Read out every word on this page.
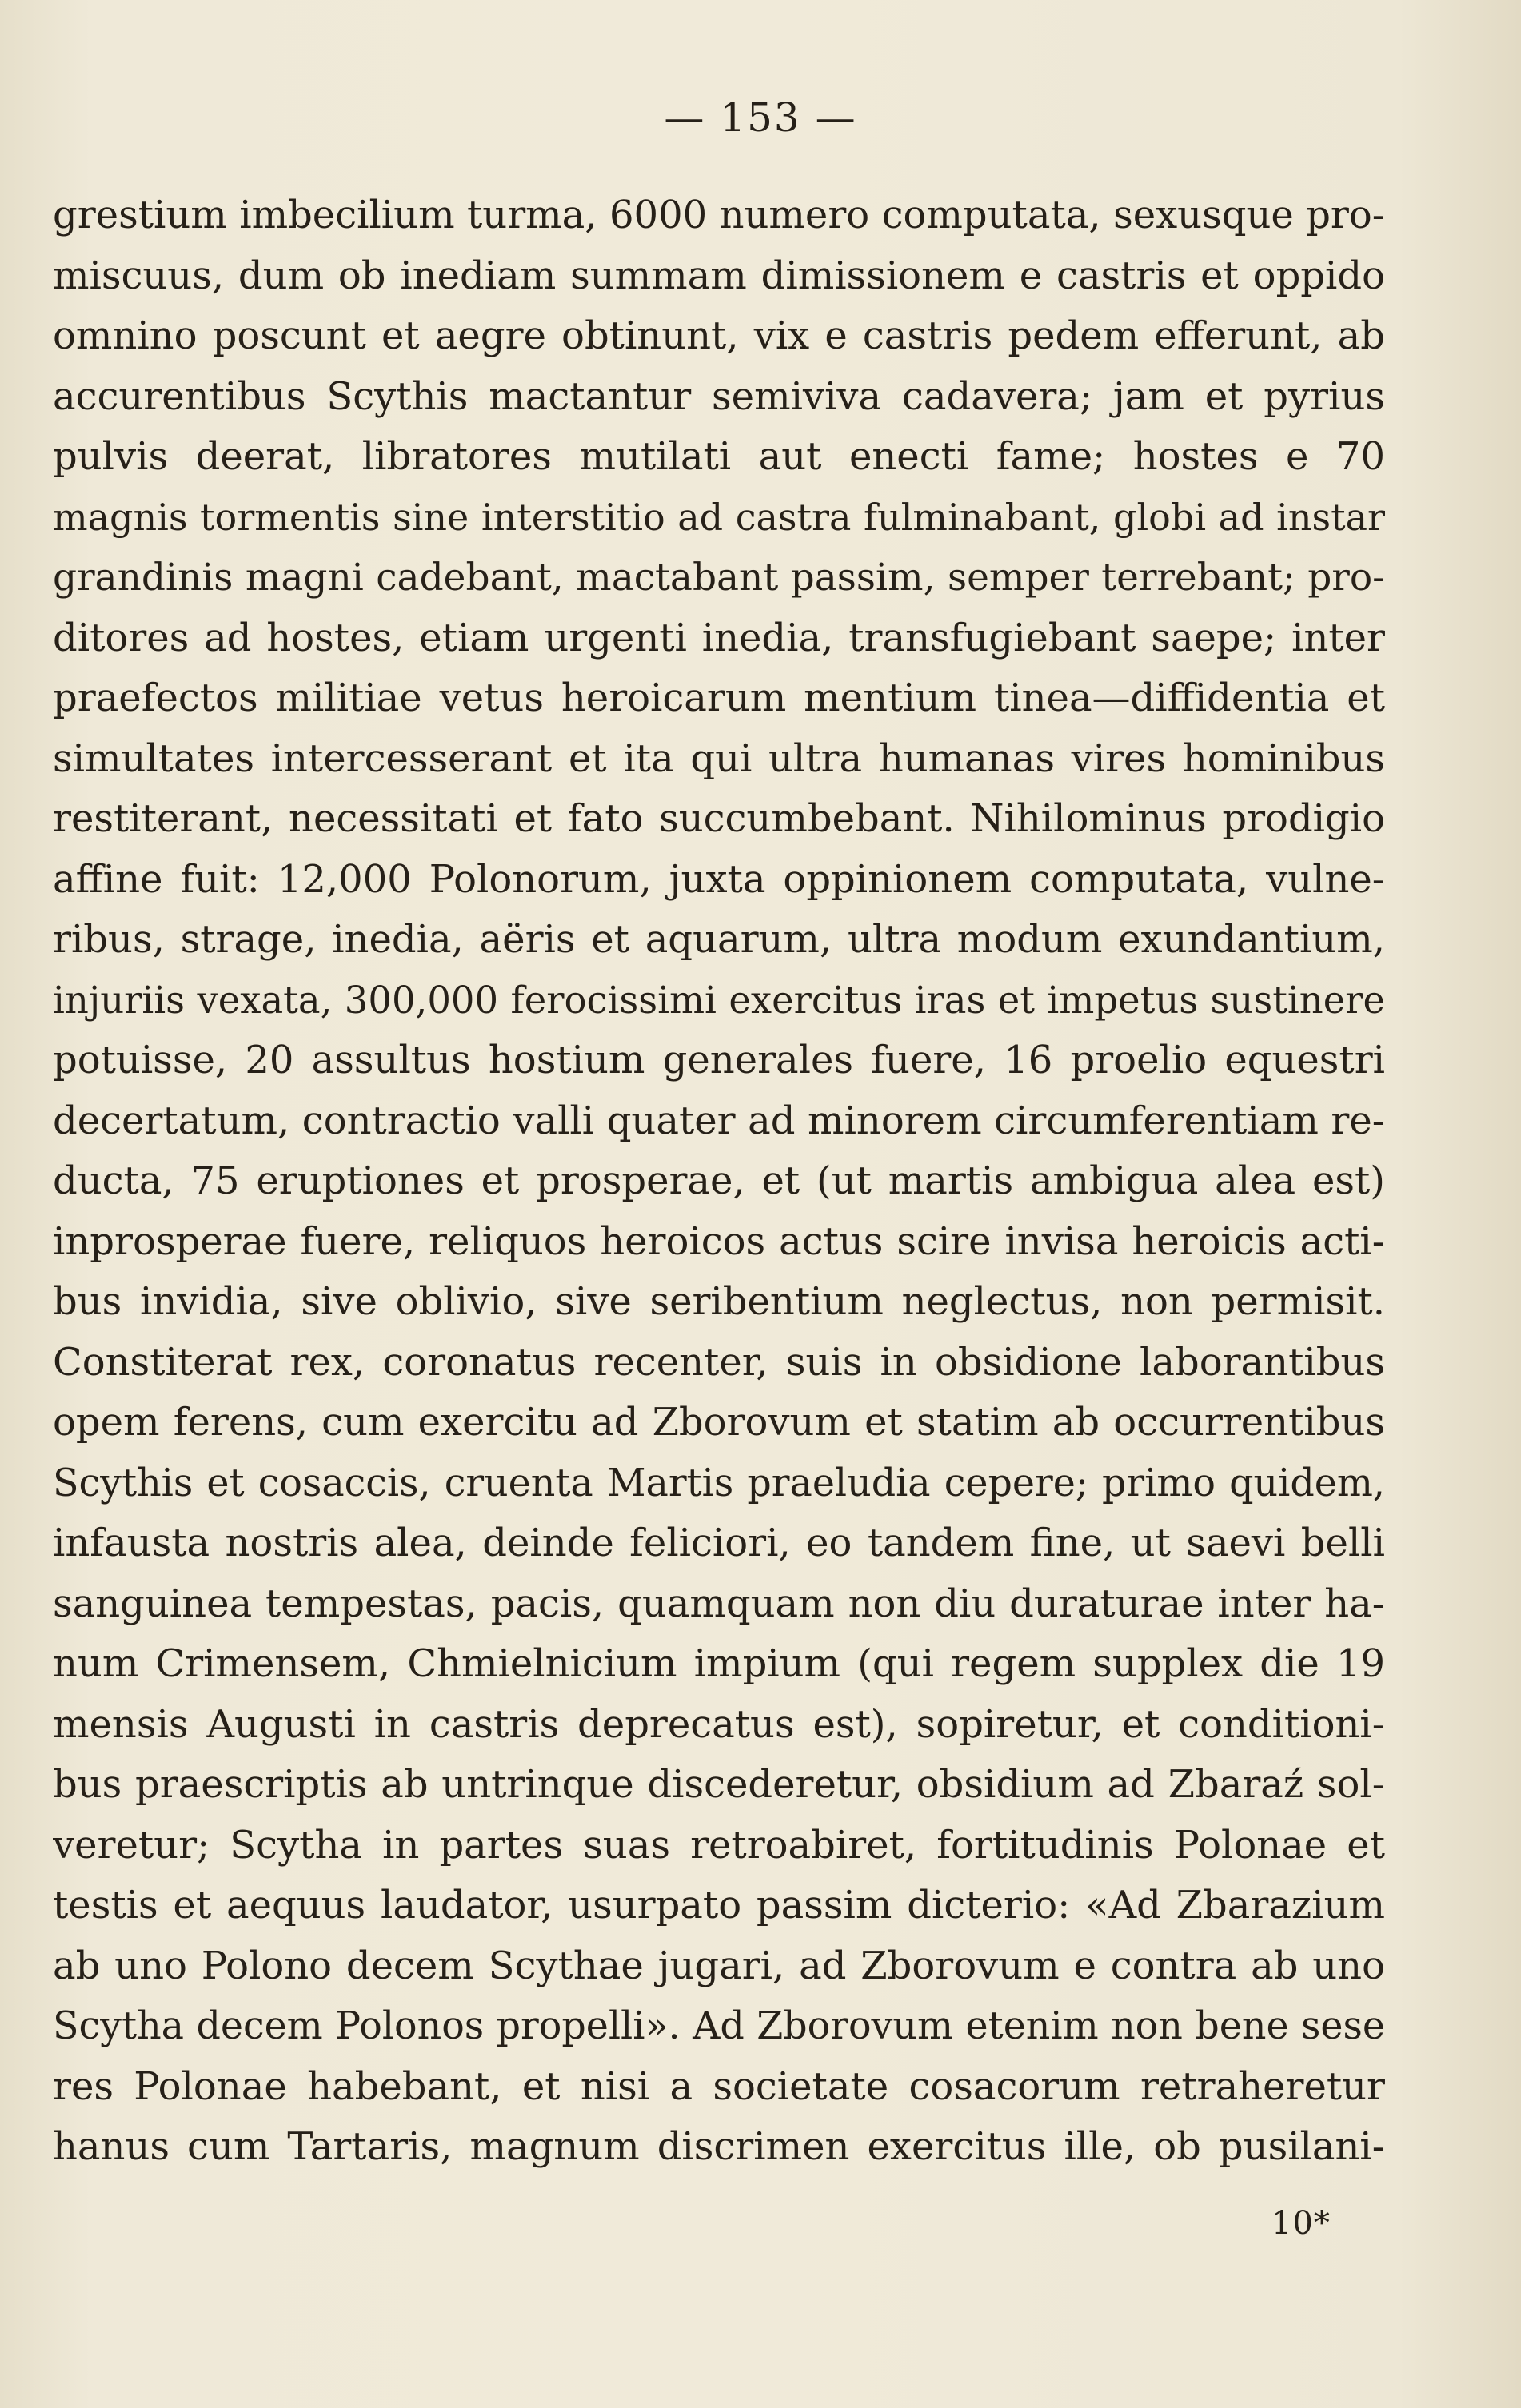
— 153 —
grestium imbecilium turma, 6000 numero computata, sexusque pro-
miscuus, dum ob inediam summam dimissionem e castris et oppido
omnino poscunt et aegre obtinunt, vix e castris pedem efferunt, ab
accurentibus Scythis mactantur semiviva cadavera; jam et pyrius
pulvis deerat, libratores mutilati aut enecti fame; hostes e 70
magnis tormentis sine interstitio ad castra fulminabant, globi ad instar
grandinis magni cadebant, mactabant passim, semper terrebant; pro-
ditores ad hostes, etiam urgenti inedia, transfugiebant saepe; inter
praefectos militiae vetus heroicarum mentium tinea—diffidentia et
simultates intercesserant et ita qui ultra humanas vires hominibus
restiterant, necessitati et fato succumbebant. Nihilominus prodigio
affine fuit: 12,000 Polonorum, juxta oppinionem computata, vulne-
ribus, strage, inedia, aëris et aquarum, ultra modum exundantium,
injuriis vexata, 300,000 ferocissimi exercitus iras et impetus sustinere
potuisse, 20 assultus hostium generales fuere, 16 proelio equestri
decertatum, contractio valli quater ad minorem circumferentiam re-
ducta, 75 eruptiones et prosperae, et (ut martis ambigua alea est)
inprosperae fuere, reliquos heroicos actus scire invisa heroicis acti-
bus invidia, sive oblivio, sive seribentium neglectus, non permisit.
Constiterat rex, coronatus recenter, suis in obsidione laborantibus
opem ferens, cum exercitu ad Zborovum et statim ab occurrentibus
Scythis et cosaccis, cruenta Martis praeludia cepere; primo quidem,
infausta nostris alea, deinde feliciori, eo tandem fine, ut saevi belli
sanguinea tempestas, pacis, quamquam non diu duraturae inter ha-
num Crimensem, Chmielnicium impium (qui regem supplex die 19
mensis Augusti in castris deprecatus est), sopiretur, et conditioni-
bus praescriptis ab untrinque discederetur, obsidium ad Zbaraź sol-
veretur; Scytha in partes suas retroabiret, fortitudinis Polonae et
testis et aequus laudator, usurpato passim dicterio: «Ad Zbarazium
ab uno Polono decem Scythae jugari, ad Zborovum e contra ab uno
Scytha decem Polonos propelli». Ad Zborovum etenim non bene sese
res Polonae habebant, et nisi a societate cosacorum retraheretur
hanus cum Tartaris, magnum discrimen exercitus ille, ob pusilani-
10*
